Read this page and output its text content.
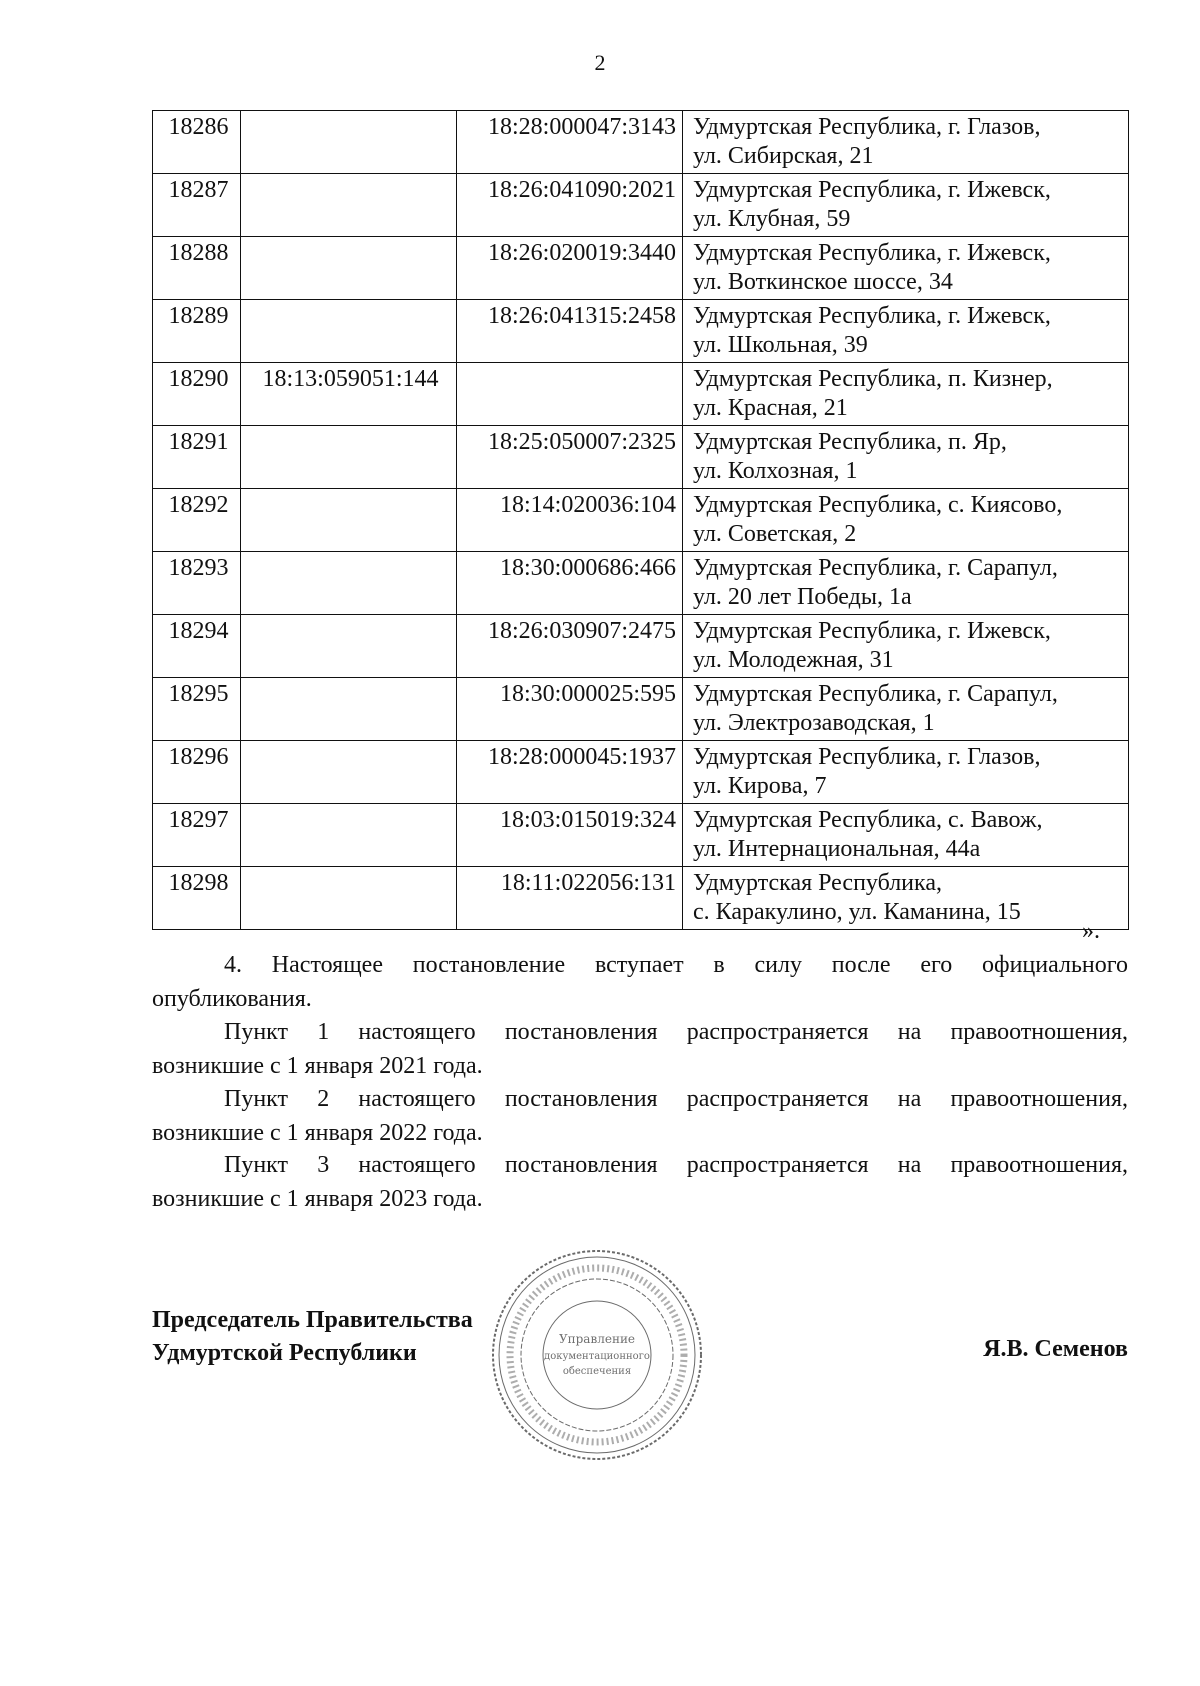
2
18286		18:28:000047:3143	Удмуртская Республика, г. Глазов,
ул. Сибирская, 21

18287		18:26:041090:2021	Удмуртская Республика, г. Ижевск,
ул. Клубная, 59

18288		18:26:020019:3440	Удмуртская Республика, г. Ижевск,
ул. Воткинское шоссе, 34

18289		18:26:041315:2458	Удмуртская Республика, г. Ижевск,
ул. Школьная, 39

18290	18:13:059051:144		Удмуртская Республика, п. Кизнер,
ул. Красная, 21

18291		18:25:050007:2325	Удмуртская Республика, п. Яр,
ул. Колхозная, 1

18292		18:14:020036:104	Удмуртская Республика, с. Киясово,
ул. Советская, 2

18293		18:30:000686:466	Удмуртская Республика, г. Сарапул,
ул. 20 лет Победы, 1а

18294		18:26:030907:2475	Удмуртская Республика, г. Ижевск,
ул. Молодежная, 31

18295		18:30:000025:595	Удмуртская Республика, г. Сарапул,
ул. Электрозаводская, 1

18296		18:28:000045:1937	Удмуртская Республика, г. Глазов,
ул. Кирова, 7

18297		18:03:015019:324	Удмуртская Республика, с. Вавож,
ул. Интернациональная, 44а

18298		18:11:022056:131	Удмуртская Республика,
с. Каракулино, ул. Каманина, 15
».
4. Настоящее постановление вступает в силу после его официального
опубликования.
Пункт 1 настоящего постановления распространяется на правоотношения,
возникшие с 1 января 2021 года.
Пункт 2 настоящего постановления распространяется на правоотношения,
возникшие с 1 января 2022 года.
Пункт 3 настоящего постановления распространяется на правоотношения,
возникшие с 1 января 2023 года.
Председатель Правительства
Удмуртской Республики
Управление
документационного
обеспечения
Я.В. Семенов
